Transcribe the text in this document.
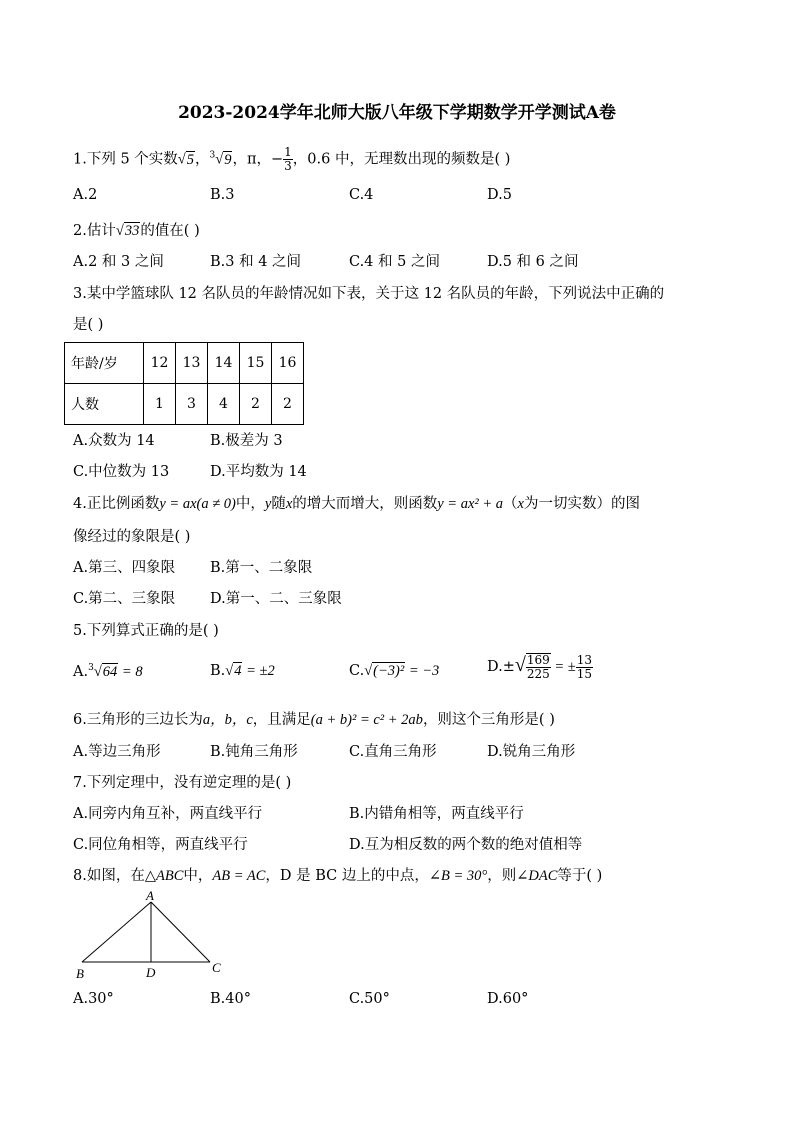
2023-2024学年北师大版八年级下学期数学开学测试A卷
1.下列 5 个实数√5，$^3$√9，π，− $\frac{1}{3}$ ，0.6 中，无理数出现的频数是( )
A.2	B.3	C.4	D.5
2.估计√33的值在( )
A.2 和 3 之间	B.3 和 4 之间	C.4 和 5 之间	D.5 和 6 之间
3.某中学篮球队 12 名队员的年龄情况如下表，关于这 12 名队员的年龄，下列说法中正确的
是( )
年龄/岁	12	13	14	15	16
人数	1	3	4	2	2
A.众数为 14	B.极差为 3
C.中位数为 13	D.平均数为 14
4.正比例函数y = ax(a ≠ 0)中，y随x的增大而增大，则函数y = ax² + a（x为一切实数）的图
像经过的象限是( )
A.第三、四象限 B.第一、二象限
C.第二、三象限 D.第一、二、三象限
5.下列算式正确的是( )
A.$^3$√64 = 8	B.√4 = ±2	C.√(−3)² = −3	$D.\pm√ \frac{169}{225}$ = ± $\frac{13}{15}$
6.三角形的三边长为a，b，c，且满足(a + b)² = c² + 2ab，则这个三角形是( )
A.等边三角形	B.钝角三角形	C.直角三角形	D.锐角三角形
7.下列定理中，没有逆定理的是( )
A.同旁内角互补，两直线平行	B.内错角相等，两直线平行
C.同位角相等，两直线平行	D.互为相反数的两个数的绝对值相等
8.如图，在△ABC中，AB = AC，D 是 BC 边上的中点，∠B = 30°，则∠DAC等于( )
A
B	C
D
A.30°	B.40°	C.50°	D.60°
